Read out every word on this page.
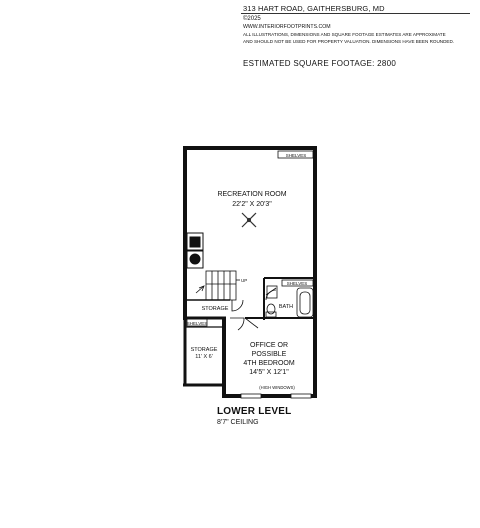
313 HART ROAD, GAITHERSBURG, MD
©2025
WWW.INTERIORFOOTPRINTS.COM
ALL ILLUSTRATIONS, DIMENSIONS AND SQUARE FOOTAGE ESTIMATES ARE APPROXIMATE
AND SHOULD NOT BE USED FOR PROPERTY VALUATION. DIMENSIONS HAVE BEEN ROUNDED.
ESTIMATED SQUARE FOOTAGE: 2800
RECREATION ROOM
22'2" X 20'3"
SHELVES
SHELVES
SHELVES
UP
STORAGE	BATH
STORAGE
11' X 6'
OFFICE OR
POSSIBLE
4TH BEDROOM
14'5" X 12'1"
(HIGH WINDOWS)
LOWER LEVEL
8'7" CEILING
